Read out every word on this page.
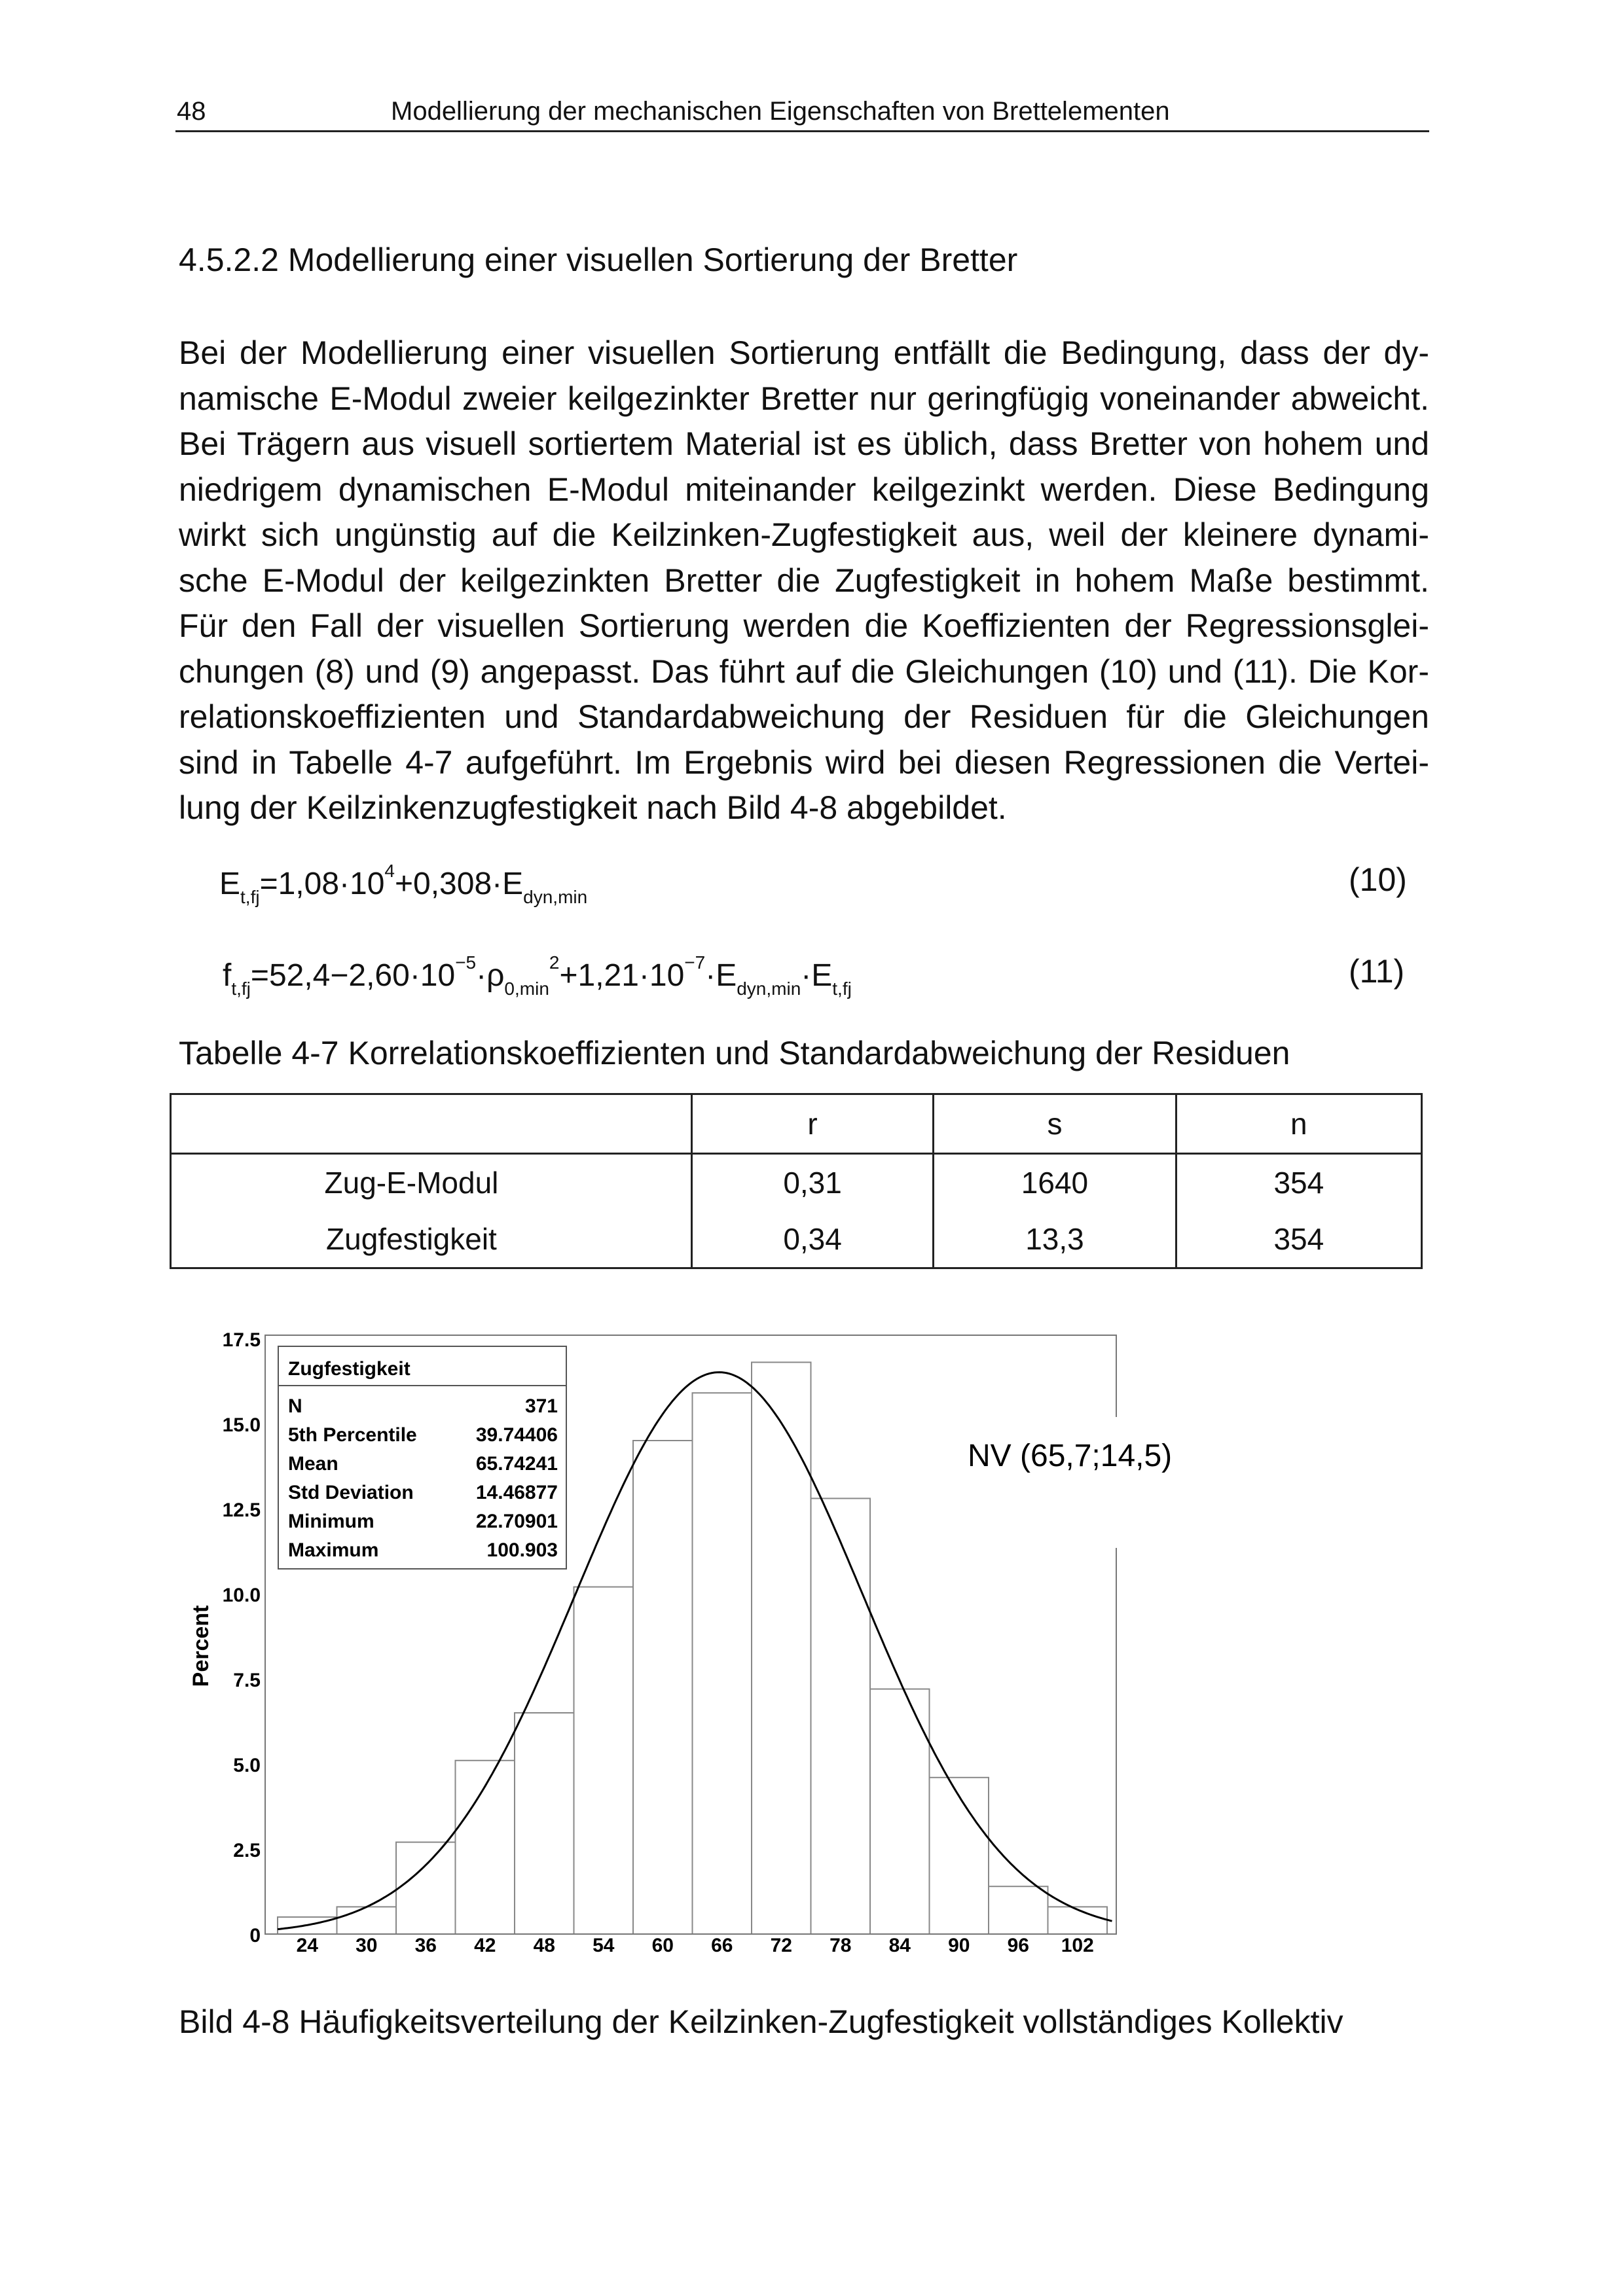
48	Modellierung der mechanischen Eigenschaften von Brettelementen
4.5.2.2 Modellierung einer visuellen Sortierung der Bretter
Bei der Modellierung einer visuellen Sortierung entfällt die Bedingung, dass der dy-
namische E-Modul zweier keilgezinkter Bretter nur geringfügig voneinander abweicht.
Bei Trägern aus visuell sortiertem Material ist es üblich, dass Bretter von hohem und
niedrigem dynamischen E-Modul miteinander keilgezinkt werden. Diese Bedingung
wirkt sich ungünstig auf die Keilzinken-Zugfestigkeit aus, weil der kleinere dynami-
sche E-Modul der keilgezinkten Bretter die Zugfestigkeit in hohem Maße bestimmt.
Für den Fall der visuellen Sortierung werden die Koeffizienten der Regressionsglei-
chungen (8) und (9) angepasst. Das führt auf die Gleichungen (10) und (11). Die Kor-
relationskoeffizienten und Standardabweichung der Residuen für die Gleichungen
sind in Tabelle 4-7 aufgeführt. Im Ergebnis wird bei diesen Regressionen die Vertei-
lung der Keilzinkenzugfestigkeit nach Bild 4-8 abgebildet.
$E_{t,fj}=1,08\cdot 10^4+0,308\cdot E_{dyn,min}$	(10)
$f_{t,fj}=52,4-2,60\cdot 10^{-5}\cdot\rho_{0,min}^2+1,21\cdot 10^{-7}\cdot E_{dyn,min}\cdot E_{t,fj}$	(11)
Tabelle 4-7 Korrelationskoeffizienten und Standardabweichung der Residuen
	r	s	n
Zug-E-Modul	0,31	1640	354
Zugfestigkeit	0,34	13,3	354
0
2.5
5.0
7.5
10.0
12.5
15.0
17.5
24 30 36 42 48 54 60 66 72 78 84 90 96 102
Percent
NV (65,7;14,5)
Zugfestigkeit
N	371
5th Percentile	39.74406
Mean	65.74241
Std Deviation	14.46877
Minimum	22.70901
Maximum	100.903
Bild 4-8 Häufigkeitsverteilung der Keilzinken-Zugfestigkeit vollständiges Kollektiv
